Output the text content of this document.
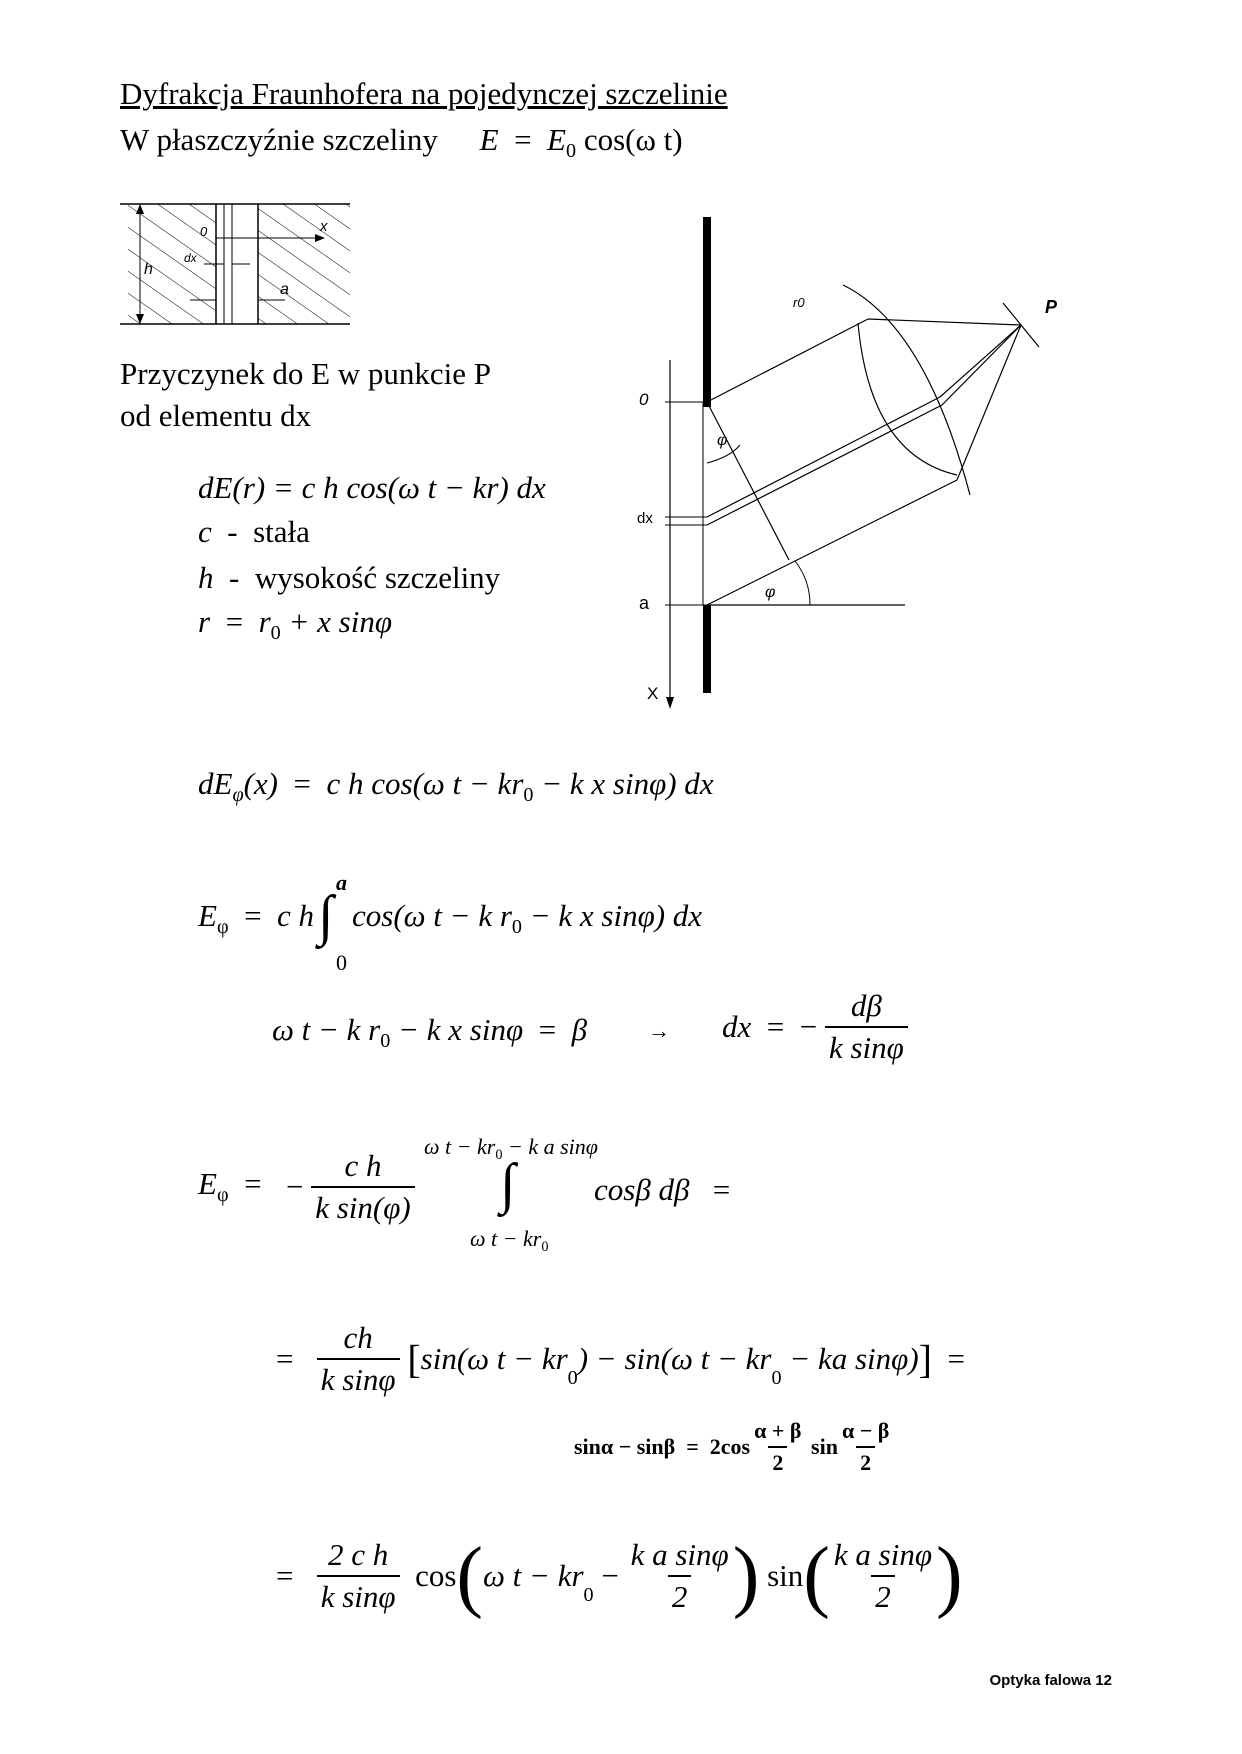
Dyfrakcja Fraunhofera na pojedynczej szczelinie
W płaszczyźnie szczeliny $E = E_0$ cos(ω t)
0	x
h
dx
a
P
r0
0
φ
dx
a
φ
X
Przyczynek do E w punkcie P
od elementu dx
dE(r) = c h cos(ω t − kr) dx
c - stała
h - wysokość szczeliny
$r = r_0 + x$ sinφ
$dE_\varphi(x) = c$ h cos(ω $t - kr_0 - k$ x sinφ) dx
a
0
$E_\varphi = c$ h ∫ cos(ω t − k $r_0 - k$ x sinφ) dx
ω t − k $r_0 - k$ x sinφ = β	→ dx = − $\frac{d\beta}{\text{k sinφ}}$
$E_\varphi$ = − $\frac{\text{c h}}{\text{k sin(φ)}}$
ω $t - kr_0 - k$ a sinφ
∫
ω $t - kr_0$
cosβ dβ =
= $\frac{ch}{\text{k sinφ}} [\sin(\omega$ $t - kr_0) - \sin(\omega$ $t - kr_0$ − ka sinφ)] =
$\sin\alpha - \sin\beta = 2\cos \frac{\alpha + \beta}{2}$ $\sin \frac{\alpha - \beta}{2}$
= $\frac{\text{2 c h}}{\text{k sinφ}} \cos(\omega$ $t - kr_0 - \frac{\text{k a sinφ}}{2}$ ) $\sin( \frac{\text{k a sinφ}}{2}$ )
Optyka falowa 12
